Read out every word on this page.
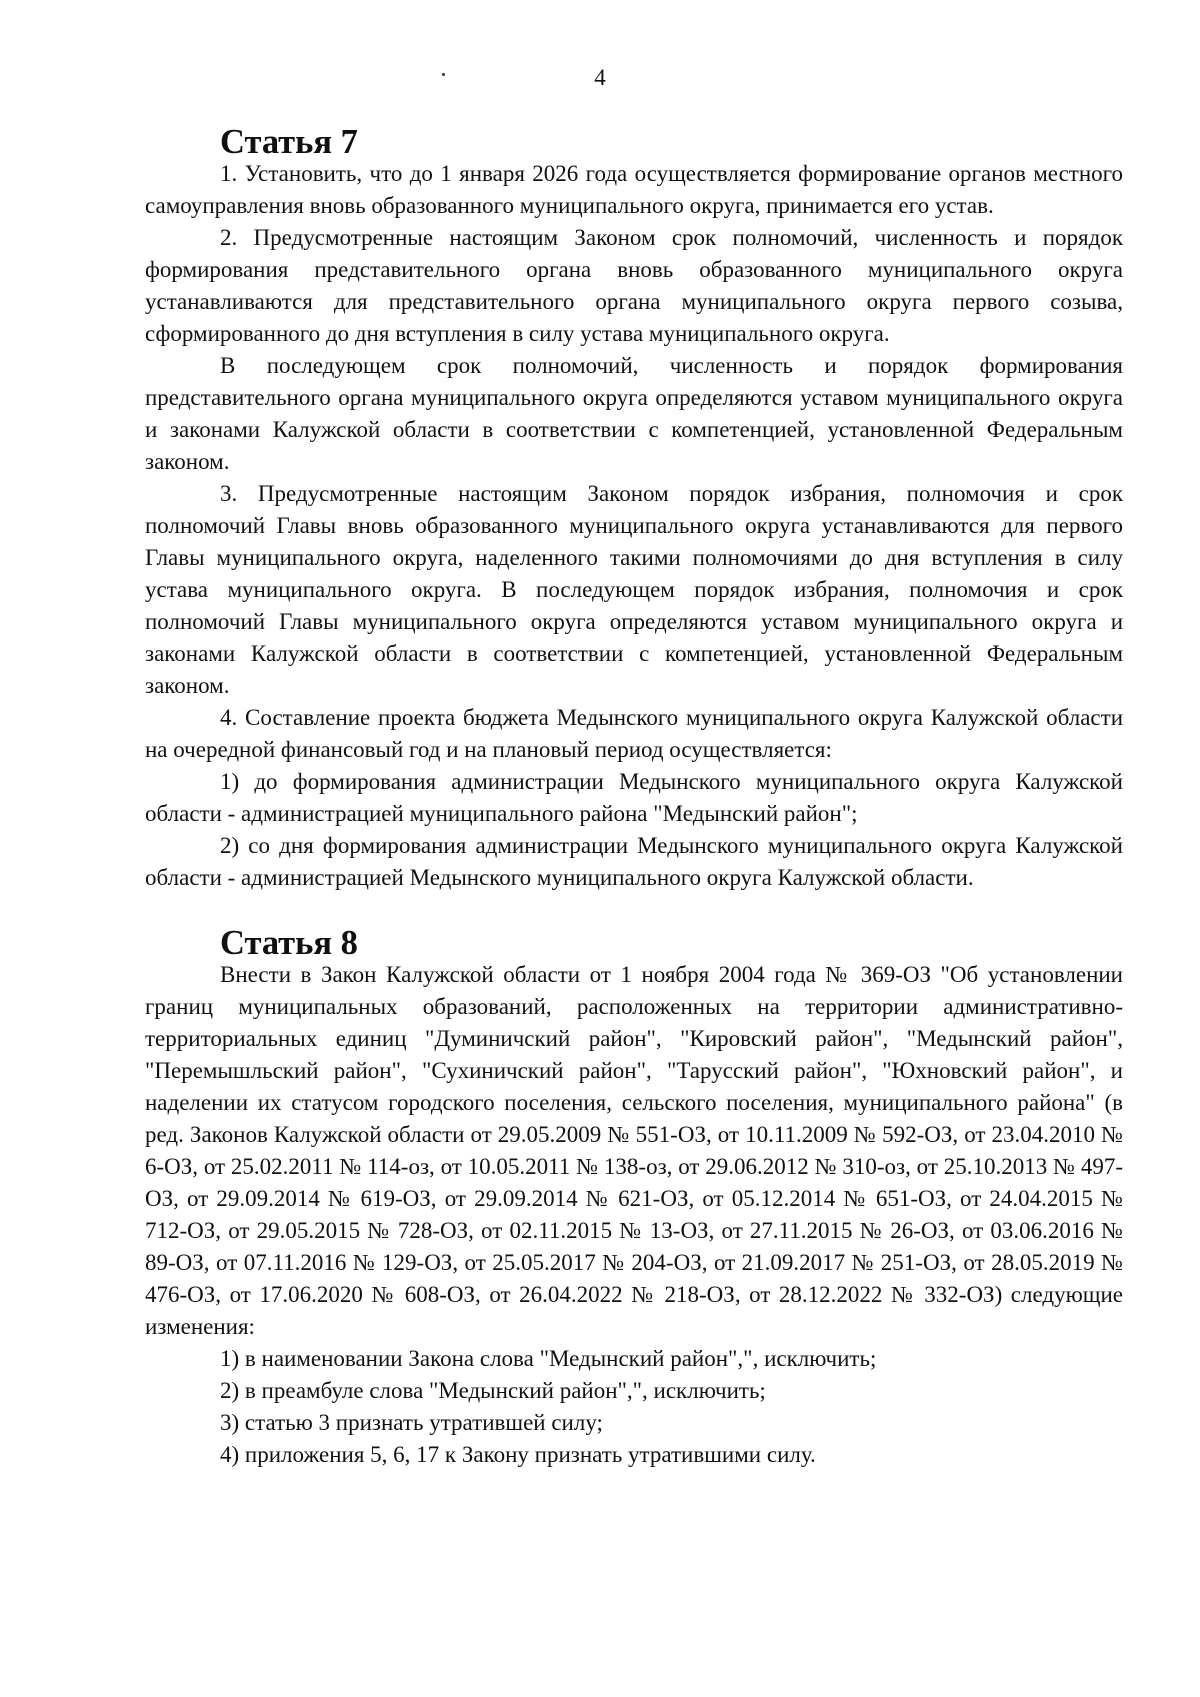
4
Статья 7

1. Установить, что до 1 января 2026 года осуществляется формирование органов местного самоуправления вновь образованного муниципального округа, принимается его устав.

2. Предусмотренные настоящим Законом срок полномочий, численность и порядок формирования представительного органа вновь образованного муниципального округа устанавливаются для представительного органа муниципального округа первого созыва, сформированного до дня вступления в силу устава муниципального округа.

В последующем срок полномочий, численность и порядок формирования представительного органа муниципального округа определяются уставом муниципального округа и законами Калужской области в соответствии с компетенцией, установленной Федеральным законом.

3. Предусмотренные настоящим Законом порядок избрания, полномочия и срок полномочий Главы вновь образованного муниципального округа устанавливаются для первого Главы муниципального округа, наделенного такими полномочиями до дня вступления в силу устава муниципального округа. В последующем порядок избрания, полномочия и срок полномочий Главы муниципального округа определяются уставом муниципального округа и законами Калужской области в соответствии с компетенцией, установленной Федеральным законом.

4. Составление проекта бюджета Медынского муниципального округа Калужской области на очередной финансовый год и на плановый период осуществляется:

1) до формирования администрации Медынского муниципального округа Калужской области - администрацией муниципального района "Медынский район";

2) со дня формирования администрации Медынского муниципального округа Калужской области - администрацией Медынского муниципального округа Калужской области.

Статья 8

Внести в Закон Калужской области от 1 ноября 2004 года № 369-ОЗ "Об установлении границ муниципальных образований, расположенных на территории административно-территориальных единиц "Думиничский район", "Кировский район", "Медынский район", "Перемышльский район", "Сухиничский район", "Тарусский район", "Юхновский район", и наделении их статусом городского поселения, сельского поселения, муниципального района" (в ред. Законов Калужской области от 29.05.2009 № 551-ОЗ, от 10.11.2009 № 592-ОЗ, от 23.04.2010 № 6-ОЗ, от 25.02.2011 № 114-оз, от 10.05.2011 № 138-оз, от 29.06.2012 № 310-оз, от 25.10.2013 № 497-ОЗ, от 29.09.2014 № 619-ОЗ, от 29.09.2014 № 621-ОЗ, от 05.12.2014 № 651-ОЗ, от 24.04.2015 № 712-ОЗ, от 29.05.2015 № 728-ОЗ, от 02.11.2015 № 13-ОЗ, от 27.11.2015 № 26-ОЗ, от 03.06.2016 № 89-ОЗ, от 07.11.2016 № 129-ОЗ, от 25.05.2017 № 204-ОЗ, от 21.09.2017 № 251-ОЗ, от 28.05.2019 № 476-ОЗ, от 17.06.2020 № 608-ОЗ, от 26.04.2022 № 218-ОЗ, от 28.12.2022 № 332-ОЗ) следующие изменения:

1) в наименовании Закона слова "Медынский район",", исключить;

2) в преамбуле слова "Медынский район",", исключить;

3) статью 3 признать утратившей силу;

4) приложения 5, 6, 17 к Закону признать утратившими силу.
